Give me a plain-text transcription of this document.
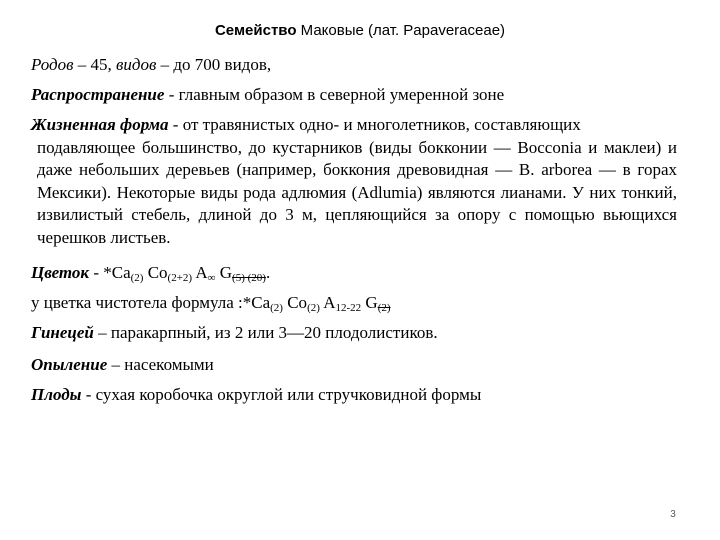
Семейство Маковые (лат. Papaveraceae)
Родов – 45, видов – до 700 видов,
Распространение - главным образом в северной умеренной зоне
Жизненная форма - от травянистых одно- и многолетников, составляющих
подавляющее большинство, до кустарников (виды бокконии — Bocconia и маклеи) и даже небольших деревьев (например, боккония древовидная — B. arborea — в горах Мексики). Некоторые виды рода адлюмия (Adlumia) являются лианами. У них тонкий, извилистый стебель, длиной до 3 м, цепляющийся за опору с помощью вьющихся черешков листьев.
Цветок - $*Ca_{(2)}$ $Co_{(2+2)}$ $A_\infty$ $G_{(5)}$ $_{(20)}$.
у цветка чистотела формула $:*Ca_{(2)}$ $Co_{(2)}$ $A_{12-22}$ $G_{(2)}$
Гинецей – паракарпный, из 2 или 3—20 плодолистиков.
Опыление – насекомыми
Плоды - сухая коробочка округлой или стручковидной формы
3
